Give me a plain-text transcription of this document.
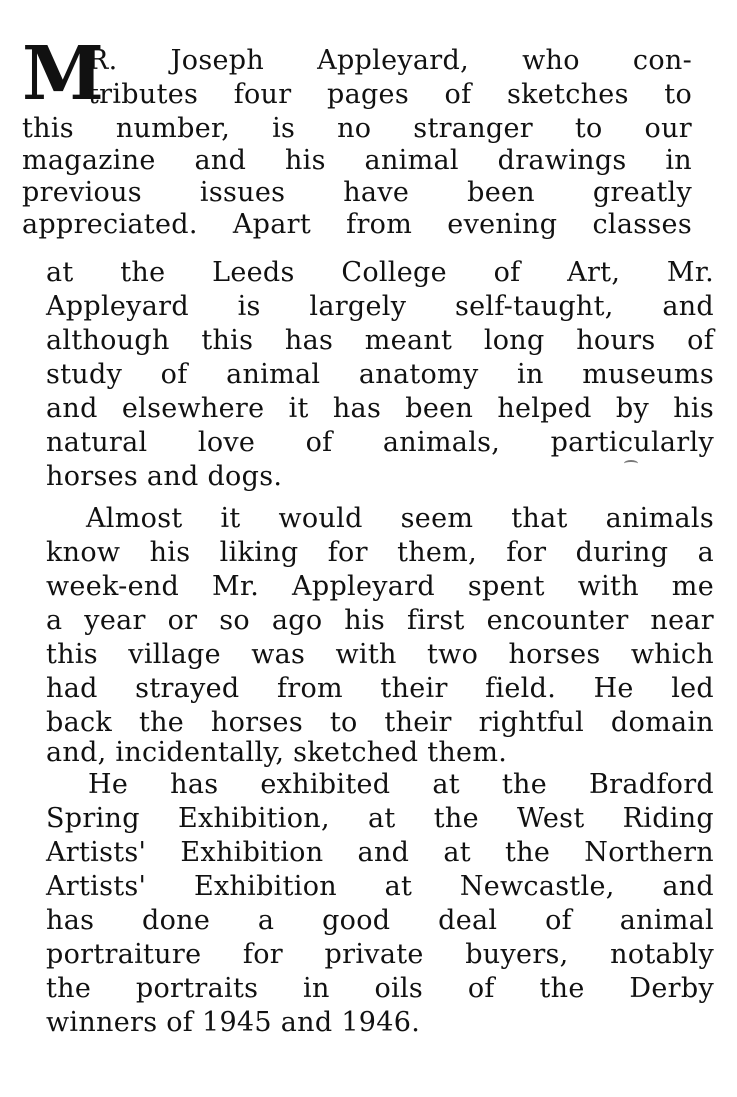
M
R. Joseph Appleyard, who con-
tributes four pages of sketches to
this number, is no stranger to our
magazine and his animal drawings in
previous issues have been greatly
appreciated. Apart from evening classes
at the Leeds College of Art, Mr.
Appleyard is largely self-taught, and
although this has meant long hours of
study of animal anatomy in museums
and elsewhere it has been helped by his
natural love of animals, particularly
horses and dogs.
Almost it would seem that animals
know his liking for them, for during a
week-end Mr. Appleyard spent with me
a year or so ago his first encounter near
this village was with two horses which
had strayed from their field. He led
back the horses to their rightful domain
and, incidentally, sketched them.
He has exhibited at the Bradford
Spring Exhibition, at the West Riding
Artists' Exhibition and at the Northern
Artists' Exhibition at Newcastle, and
has done a good deal of animal
portraiture for private buyers, notably
the portraits in oils of the Derby
winners of 1945 and 1946.
